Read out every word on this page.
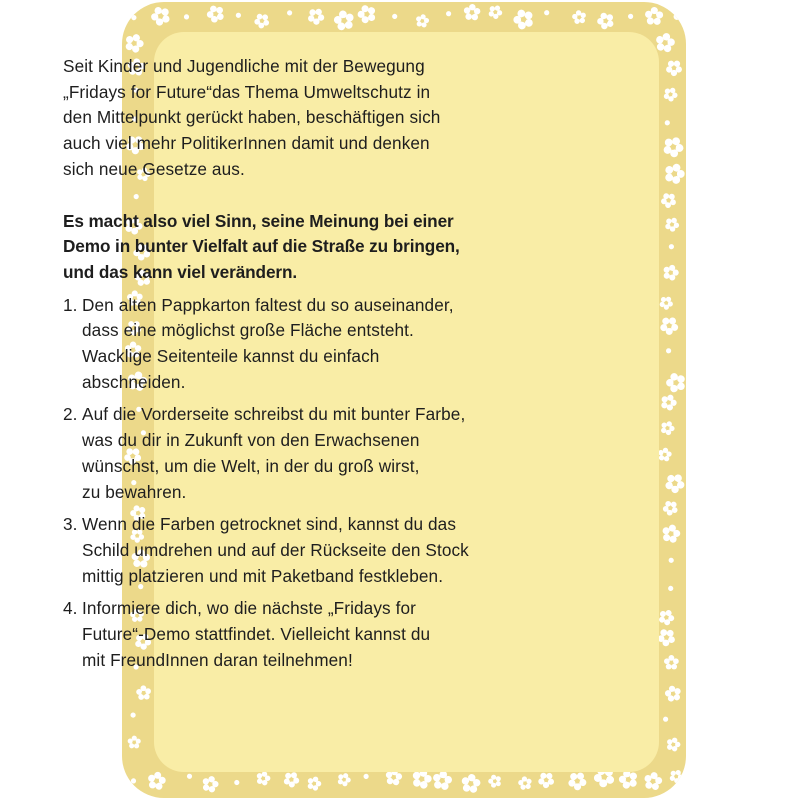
Seit Kinder und Jugendliche mit der Bewegung
„Fridays for Future“das Thema Umweltschutz in
den Mittelpunkt gerückt haben, beschäftigen sich
auch viel mehr PolitikerInnen damit und denken
sich neue Gesetze aus.

Es macht also viel Sinn, seine Meinung bei einer
Demo in bunter Vielfalt auf die Straße zu bringen,
und das kann viel verändern.

1. Den alten Pappkarton faltest du so auseinander,
dass eine möglichst große Fläche entsteht.
Wacklige Seitenteile kannst du einfach
abschneiden.
2. Auf die Vorderseite schreibst du mit bunter Farbe,
was du dir in Zukunft von den Erwachsenen
wünschst, um die Welt, in der du groß wirst,
zu bewahren.
3. Wenn die Farben getrocknet sind, kannst du das
Schild umdrehen und auf der Rückseite den Stock
mittig platzieren und mit Paketband festkleben.
4. Informiere dich, wo die nächste „Fridays for
Future“-Demo stattfindet. Vielleicht kannst du
mit FreundInnen daran teilnehmen!
